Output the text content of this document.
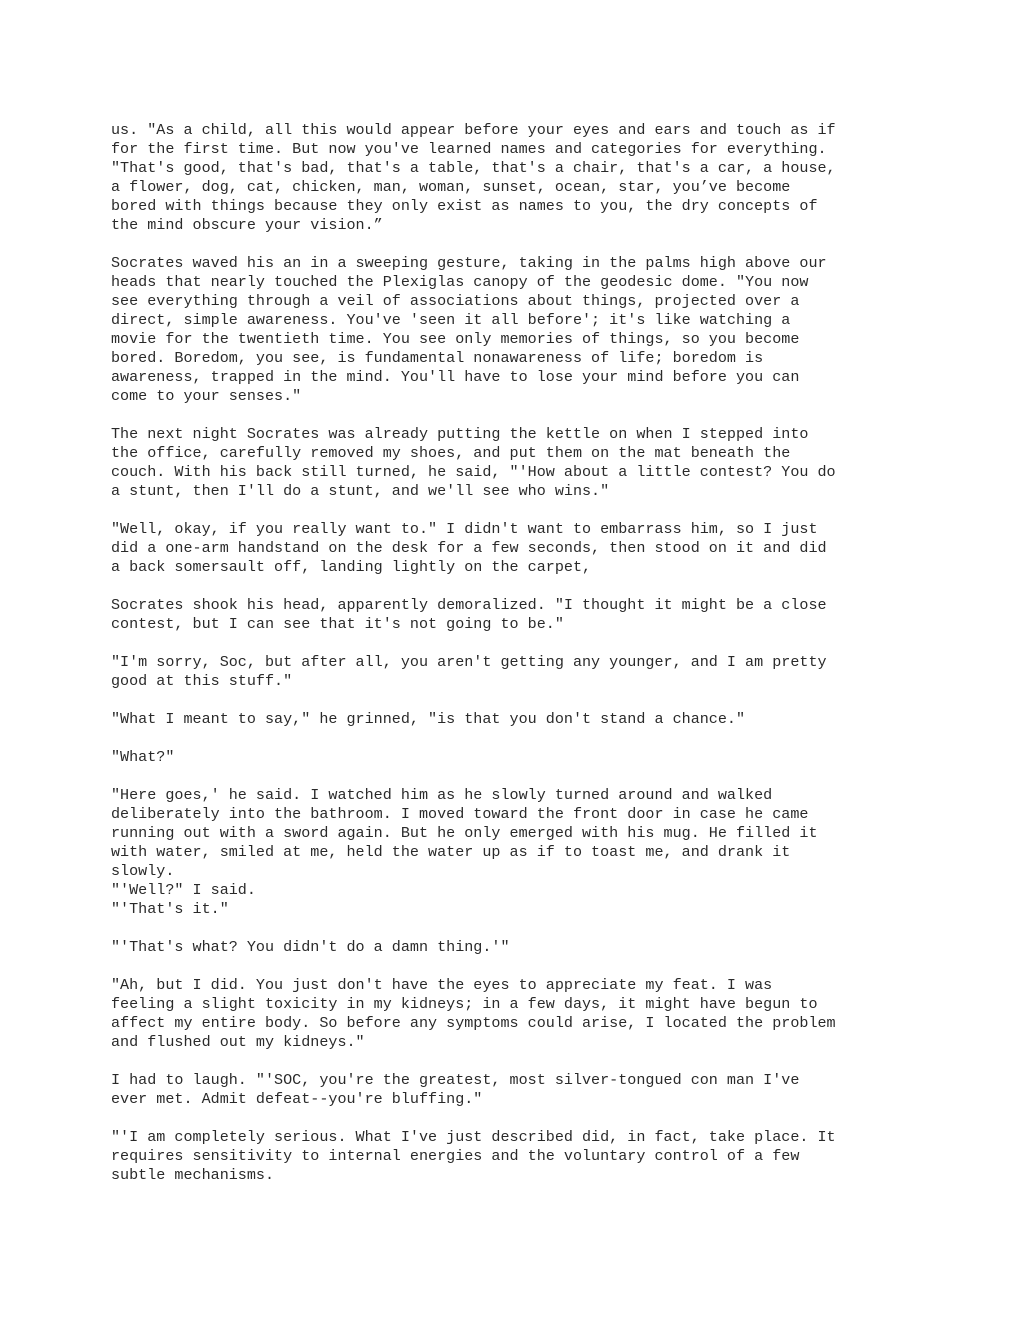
us. "As a child, all this would appear before your eyes and ears and touch as if
for the first time. But now you've learned names and categories for everything.
"That's good, that's bad, that's a table, that's a chair, that's a car, a house,
a flower, dog, cat, chicken, man, woman, sunset, ocean, star, you’ve become
bored with things because they only exist as names to you, the dry concepts of
the mind obscure your vision.”
Socrates waved his an in a sweeping gesture, taking in the palms high above our
heads that nearly touched the Plexiglas canopy of the geodesic dome. "You now
see everything through a veil of associations about things, projected over a
direct, simple awareness. You've 'seen it all before'; it's like watching a
movie for the twentieth time. You see only memories of things, so you become
bored. Boredom, you see, is fundamental nonawareness of life; boredom is
awareness, trapped in the mind. You'll have to lose your mind before you can
come to your senses."
The next night Socrates was already putting the kettle on when I stepped into
the office, carefully removed my shoes, and put them on the mat beneath the
couch. With his back still turned, he said, "'How about a little contest? You do
a stunt, then I'll do a stunt, and we'll see who wins."
"Well, okay, if you really want to." I didn't want to embarrass him, so I just
did a one-arm handstand on the desk for a few seconds, then stood on it and did
a back somersault off, landing lightly on the carpet,
Socrates shook his head, apparently demoralized. "I thought it might be a close
contest, but I can see that it's not going to be."
"I'm sorry, Soc, but after all, you aren't getting any younger, and I am pretty
good at this stuff."
"What I meant to say," he grinned, "is that you don't stand a chance."
"What?"
"Here goes,' he said. I watched him as he slowly turned around and walked
deliberately into the bathroom. I moved toward the front door in case he came
running out with a sword again. But he only emerged with his mug. He filled it
with water, smiled at me, held the water up as if to toast me, and drank it
slowly.
"'Well?" I said.
"'That's it."
"'That's what? You didn't do a damn thing.'"
"Ah, but I did. You just don't have the eyes to appreciate my feat. I was
feeling a slight toxicity in my kidneys; in a few days, it might have begun to
affect my entire body. So before any symptoms could arise, I located the problem
and flushed out my kidneys."
I had to laugh. "'SOC, you're the greatest, most silver-tongued con man I've
ever met. Admit defeat--you're bluffing."
"'I am completely serious. What I've just described did, in fact, take place. It
requires sensitivity to internal energies and the voluntary control of a few
subtle mechanisms.
